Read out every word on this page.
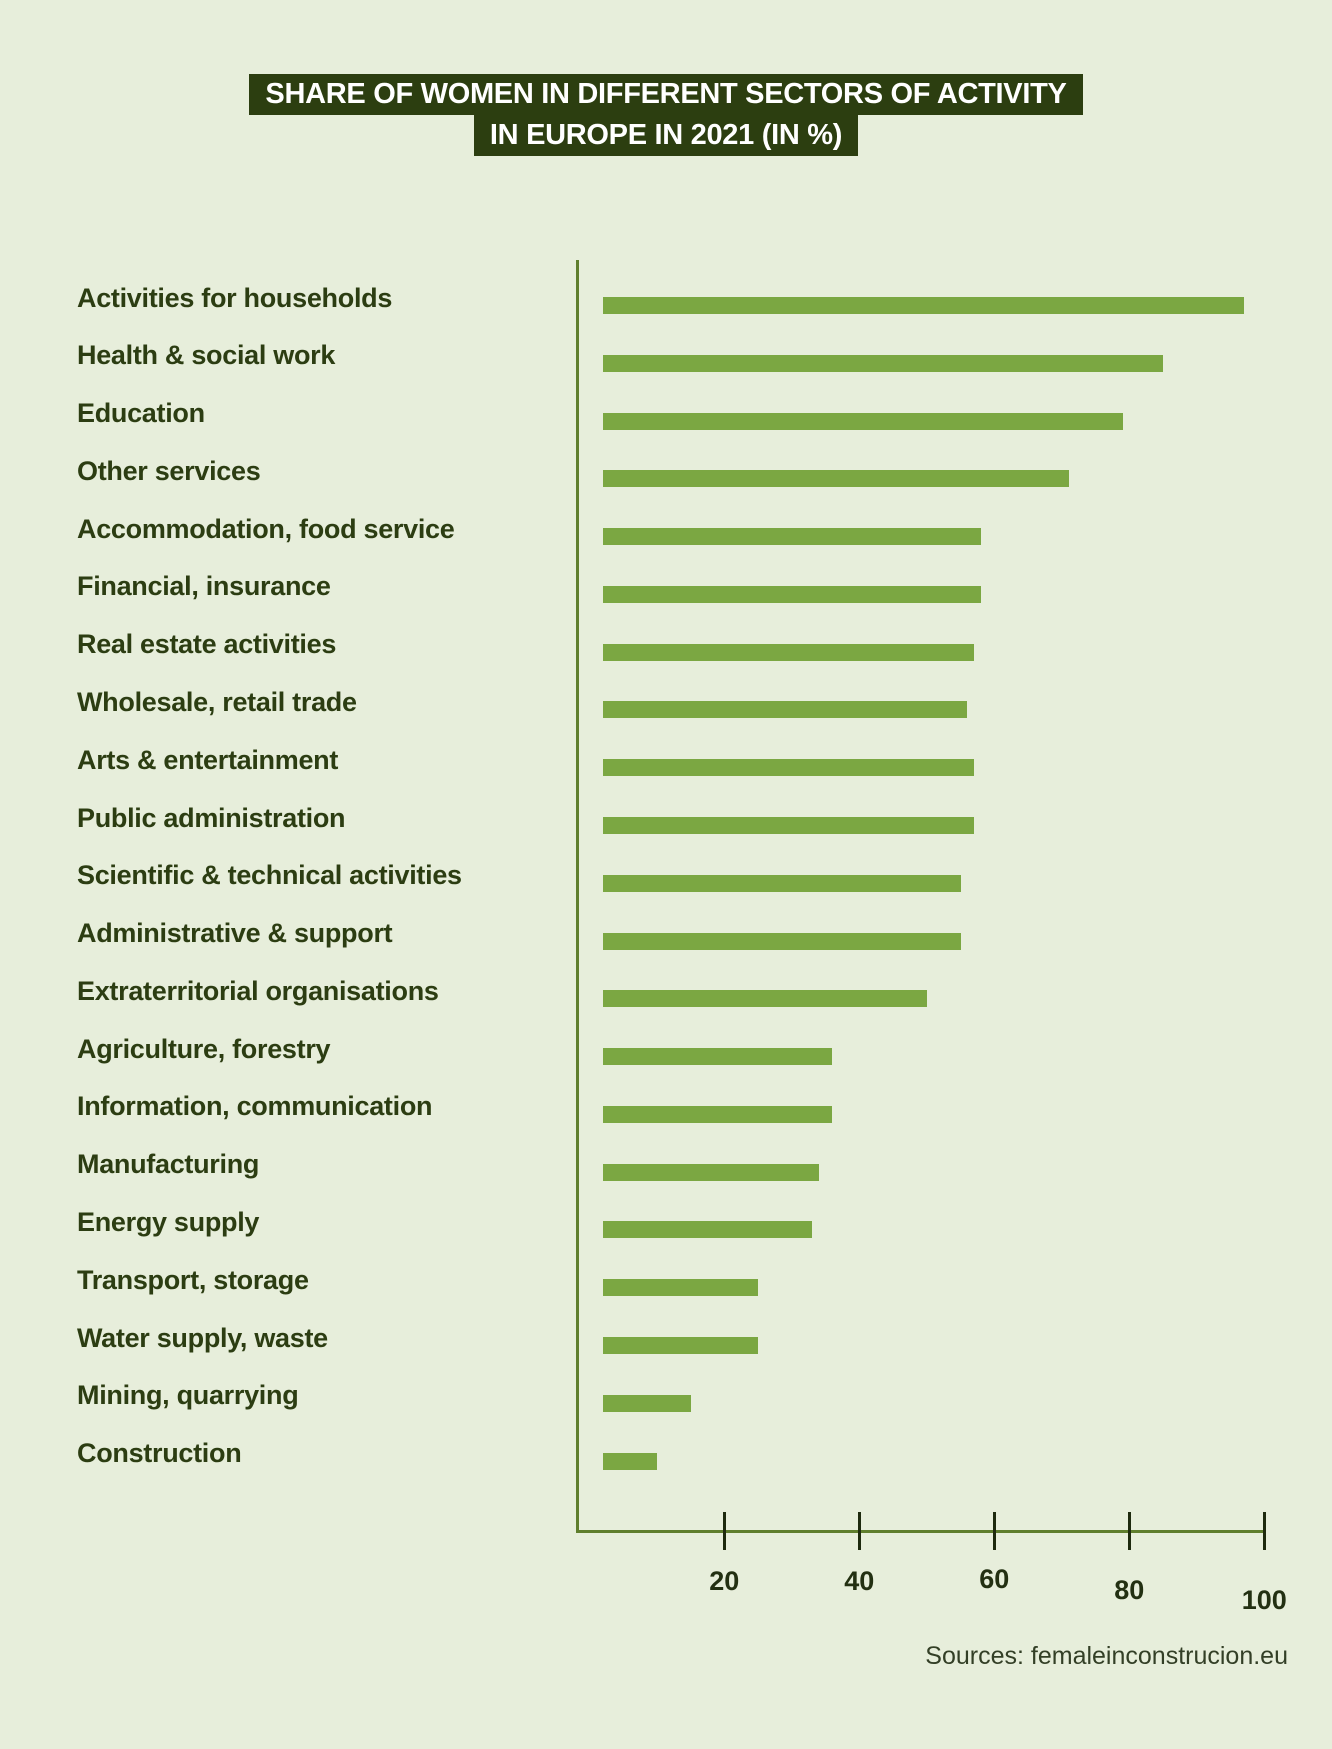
SHARE OF WOMEN IN DIFFERENT SECTORS OF ACTIVITY
IN EUROPE IN 2021 (IN %)
Activities for households
Health & social work
Education
Other services
Accommodation, food service
Financial, insurance
Real estate activities
Wholesale, retail trade
Arts & entertainment
Public administration
Scientific & technical activities
Administrative & support
Extraterritorial organisations
Agriculture, forestry
Information, communication
Manufacturing
Energy supply
Transport, storage
Water supply, waste
Mining, quarrying
Construction
20	40	60	80	100
Sources: femaleinconstrucion.eu
